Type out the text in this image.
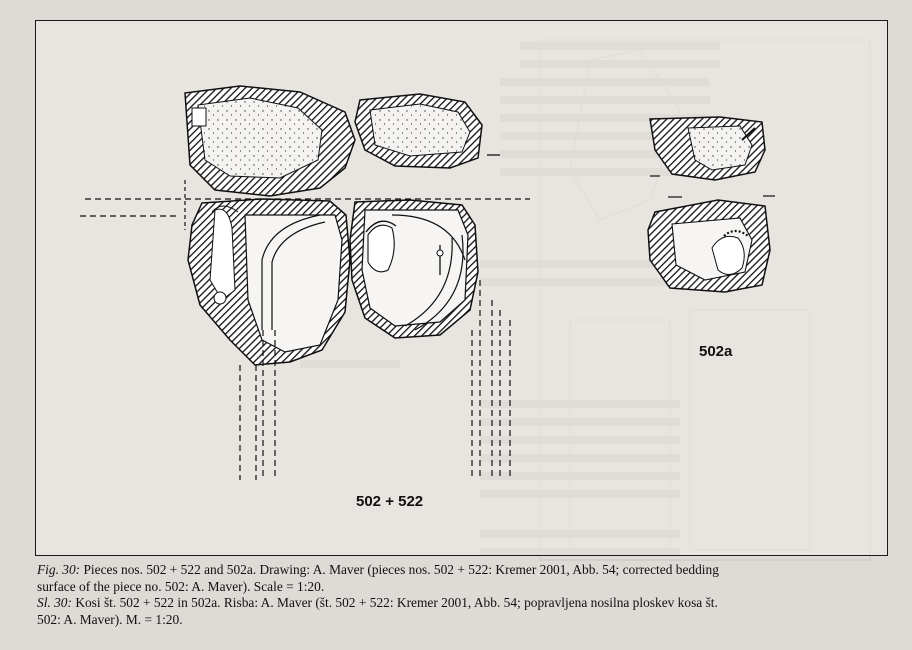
502 + 522
502a

Fig. 30: Pieces nos. 502 + 522 and 502a. Drawing: A. Maver (pieces nos. 502 + 522: Kremer 2001, Abb. 54; corrected bedding

surface of the piece no. 502: A. Maver). Scale = 1:20.

Sl. 30: Kosi št. 502 + 522 in 502a. Risba: A. Maver (št. 502 + 522: Kremer 2001, Abb. 54; popravljena nosilna ploskev kosa št.

502: A. Maver). M. = 1:20.
